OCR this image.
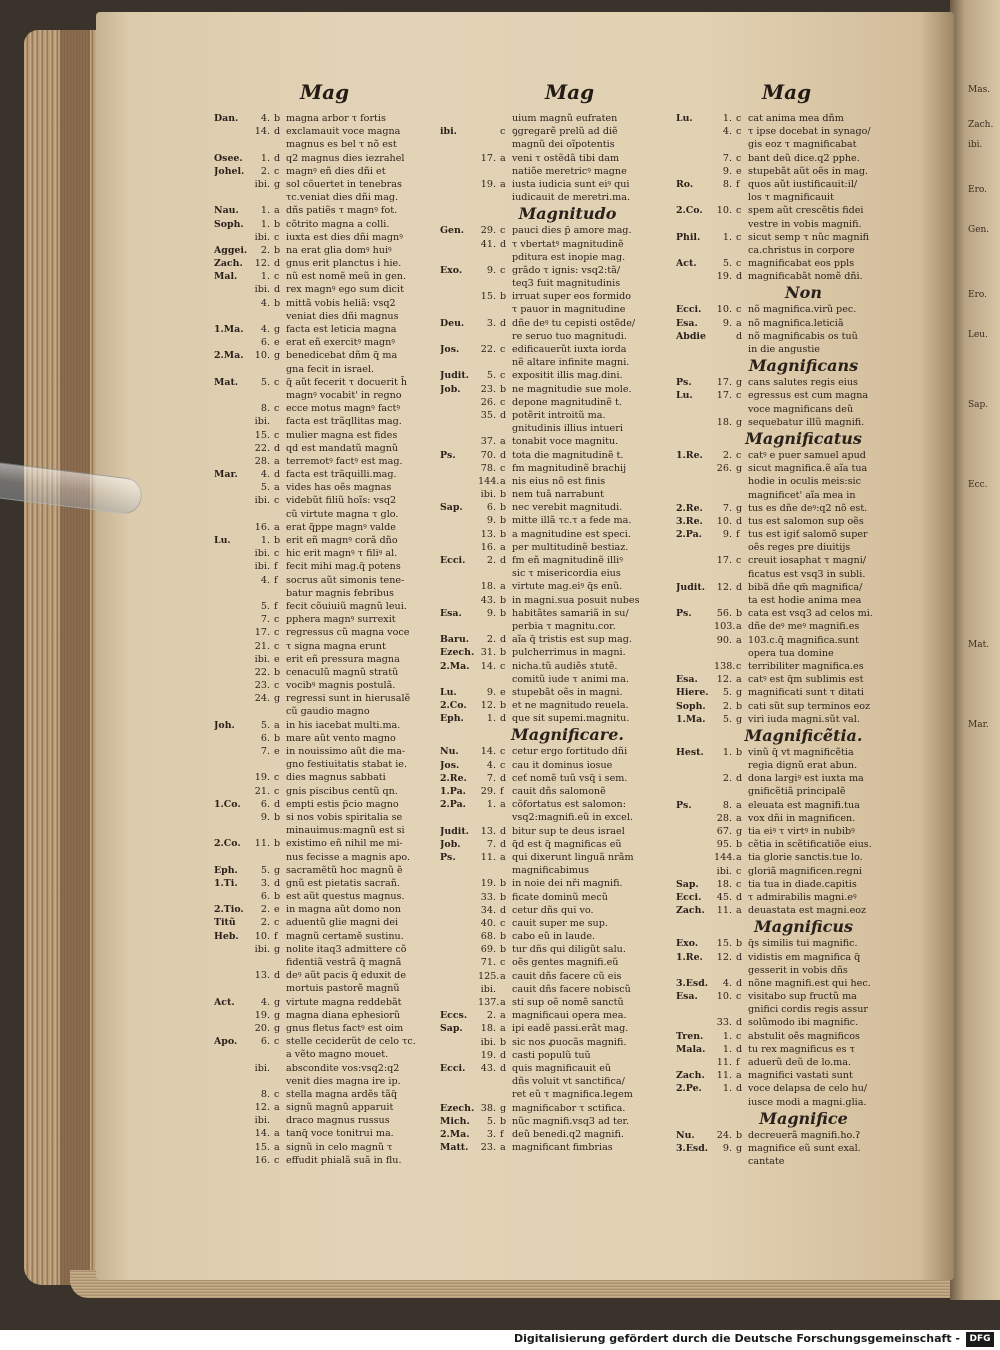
Mas.
Zach.
ibi.
Ero.
Gen.
Ero.
Leu.
Sap.
Ecc.
Mat.
Mar.
Mag	Mag	Mag
Dan. 4. b magna arbor τ fortis
14. d exclamauit voce magna
magnus es bel τ nõ est
Osee. 1. d q2 magnus dies iezrahel
Johel. 2. c magnꝰ eñ dies dñi et
ibi. g sol cõuertet in tenebras
τc.veniat dies dñi mag.
Nau. 1. a dñs patiẽs τ magnꝰ fot.
Soph. 1. b cõtrito magna a colli.
ibi. c iuxta est dies dñi magnꝰ
Aggei. 2. b na erat glia domꝰ huiꝰ
Zach. 12. d gnus erit planctus i hie.
Mal. 1. c nũ est nomẽ meũ in gen.
ibi. d rex magnꝰ ego sum dicit
4. b mittã vobis heliã: vsq2
veniat dies dñi magnus
1.Ma. 4. g facta est leticia magna
6. e erat eñ exercitꝰ magnꝰ
2.Ma. 10. g benedicebat dñm q̃ ma
gna fecit in israel.
Mat. 5. c q̃ aũt fecerit τ docuerit h̃
magnꝰ vocabit' in regno
8. c ecce motus magnꝰ factꝰ
ibi. facta est trãqllitas mag.
15. c mulier magna est fides
22. d qd est mandatũ magnũ
28. a terremotꝰ factꝰ est mag.
Mar. 4. d facta est trãquilli.mag.
5. a vides has oẽs magnas
ibi. c videbũt filiũ hoĩs: vsq2
cũ virtute magna τ glo.
16. a erat q̃ppe magnꝰ valde
Lu.	1. b erit eñ magnꝰ corã dño
ibi. c hic erit magnꝰ τ filiꝰ al.
ibi. f fecit mihi mag.q̃ potens
4. f socrus aũt simonis tene-
batur magnis febribus
5. f fecit cõuiuiũ magnũ leui.
7. c pphera magnꝰ surrexit
17. c regressus cũ magna voce
21. c τ signa magna erunt
ibi. e erit eñ pressura magna
22. b cenaculũ magnũ stratũ
23. c vocibꝰ magnis postulã.
24. g regressi sunt in hierusalẽ
cũ gaudio magno
Joh.	5. a in his iacebat multi.ma.
6. b mare aũt vento magno
7. e in nouissimo aũt die ma-
gno festiuitatis stabat ie.
19. c dies magnus sabbati
21. c gnis piscibus centũ qn.
1.Co. 6. d empti estis p̃cio magno
9. b si nos vobis spiritalia se
minauimus:magnũ est si
2.Co. 11. b existimo eñ nihil me mi-
nus fecisse a magnis apo.
Eph. 5. g sacramẽtũ hoc magnũ ẽ
1.Ti. 3. d gnũ est pietatis sacrañ.
6. b est aũt questus magnus.
2.Tio. 2. e in magna aũt domo non
Titũ	2. c aduentũ glie magni dei
Heb. 10. f magnũ certamẽ sustinu.
ibi. g nolite itaq3 admittere cõ
fidentiã vestrã q̃ magnã
13. d deꝰ aũt pacis q̃ eduxit de
mortuis pastorẽ magnũ
Act.	4. g virtute magna reddebãt
19. g magna diana ephesiorũ
20. g gnus fletus factꝰ est oim
Apo. 6. c stelle ceciderũt de celo τc.
a vẽto magno mouet.
ibi. abscondite vos:vsq2:q2
venit dies magna ire ip.
8. c stella magna ardẽs tãq̃
12. a signũ magnũ apparuit
ibi. draco magnus russus
14. a tanq̃ voce tonitrui ma.
15. a signũ in celo magnũ τ
16. c effudit phialã suã in flu.
uium magnũ eufraten
ibi.	c ꝯgregarẽ prelũ ad diẽ
magnũ dei oĩpotentis
17. a veni τ ostẽdã tibi dam
natiõe meretricꝰ magne
19. a iusta iudicia sunt eiꝰ qui
iudicauit de meretri.ma.
Magnitudo
Gen. 29. c pauci dies p̃ amore mag.
41. d τ vbertatꝰ magnitudinẽ
pditura est inopie mag.
Exo.	9. c grãdo τ ignis: vsq2:tã/
teq3 fuit magnitudinis
15. b irruat super eos formido
τ pauor in magnitudine
Deu. 3. d dñe deꝰ tu cepisti ostẽde/
re seruo tuo magnitudi.
Jos. 22. c edificauerũt iuxta iorda
nẽ altare infinite magni.
Judit. 5. c expositit illis mag.dini.
Job. 23. b ne magnitudie sue mole.
26. c depone magnitudinẽ t.
35. d potẽrit introitũ ma.
gnitudinis illius intueri
37. a tonabit voce magnitu.
Ps.	70. d tota die magnitudinẽ t.
78. c fm magnitudinẽ brachij
144.a nis eius nõ est finis
ibi. b nem tuã narrabunt
Sap.	6. b nec verebit magnitudi.
9. b mitte illã τc.τ a fede ma.
13. b a magnitudine est speci.
16. a per multitudinẽ bestiaz.
Ecci. 2. d fm eñ magnitudinẽ illiꝰ
sic τ misericordia eius
18. a virtute mag.eiꝰ q̃s enũ.
43. b in magni.sua posuit nubes
Esa.	9. b habitãtes samariã in su/
perbia τ magnitu.cor.
Baru. 2. d aĩa q̃ tristis est sup mag.
Ezech. 31. b pulcherrimus in magni.
2.Ma. 14. c nicha.tũ audiẽs ɤtutẽ.
comitũ iude τ animi ma.
Lu.	9. e stupebãt oẽs in magni.
2.Co. 12. b et ne magnitudo reuela.
Eph. 1. d que sit supemi.magnitu.
Magnificare.
Nu. 14. c cetur ergo fortitudo dñi
Jos.	4. c cau it dominus iosue
2.Re. 7. d ceť nomẽ tuũ vsq̃ i sem.
1.Pa. 29. f cauit dñs salomonẽ
2.Pa. 1. a cõfortatus est salomon:
vsq2:magnifi.eũ in excel.
Judit. 13. d bitur sup te deus israel
Job.	7. d q̃d est q̃ magnificas eũ
Ps.	11. a qui dixerunt linguã nrãm
magnificabimus
19. b in noie dei nři magnifi.
33. b ficate dominũ mecũ
34. d cetur dñs qui vo.
40. c cauit super me sup.
68. b cabo eũ in laude.
69. b tur dñs qui diligũt salu.
71. c oẽs gentes magnifi.eũ
125.a cauit dñs facere cũ eis
ibi. cauit dñs facere nobiscũ
137.a sti sup oẽ nomẽ sanctũ
Eccs. 2. a magnificaui opera mea.
Sap. 18. a ipi eadẽ passi.erãt mag.
ibi. b sic nos ꝓuocãs magnifi.
19. d casti populũ tuũ
Ecci. 43. d quis magnificauit eũ
dñs voluit vt sanctifica/
ret eũ τ magnifica.legem
Ezech. 38. g magnificabor τ sctifica.
Mich. 5. b nũc magnifi.vsq3 ad ter.
2.Ma. 3. f deũ benedi.q2 magnifi.
Matt. 23. a magnificant fimbrias
Lu.	1. c cat anima mea dñm
4. c τ ipse docebat in synago/
gis eoz τ magnificabat
7. c bant deũ dice.q2 pphe.
9. e stupebãt aũt oẽs in mag.
Ro.	8. f quos aũt iustificauit:il/
los τ magnificauit
2.Co. 10. c spem aũt crescẽtis fidei
vestre in vobis magnifi.
Phil. 1. c sicut semp τ nũc magnifi
ca.christus in corpore
Act.	5. c magnificabat eos ppls
19. d magnificabãt nomẽ dñi.
Non
Ecci. 10. c nõ magnifica.virũ pec.
Esa.	9. a nõ magnifica.leticiã
Abdie	d nõ magnificabis os tuũ
in die angustie
Magnificans
Ps.	17. g cans salutes regis eius
Lu.	17. c egressus est cum magna
voce magnificans deũ
18. g sequebatur illũ magnifi.
Magnificatus
1.Re. 2. c catꝰ e puer samuel apud
26. g sicut magnifica.ẽ aĩa tua
hodie in oculis meis:sic
magnificet' aĩa mea in
2.Re. 7. g tus es dñe deꝰ:q2 nõ est.
3.Re. 10. d tus est salomon sup oẽs
2.Pa. 9. f tus est igiť salomõ super
oẽs reges pre diuitijs
17. c creuit iosaphat τ magni/
ficatus est vsq3 in subli.
Judit. 12. d bibã dñe qm̃ magnifica/
ta est hodie anima mea
Ps.	56. b cata est vsq3 ad celos mi.
103.a dñe deꝰ meꝰ magnifi.es
90. a 103.c.q̃ magnifica.sunt
opera tua domine
138.c terribiliter magnifica.es
Esa. 12. a catꝰ est q̃m sublimis est
Hiere. 5. g magnificati sunt τ ditati
Soph. 2. b cati sũt sup terminos eoz
1.Ma. 5. g viri iuda magni.sũt val.
Magnificẽtia.
Hest. 1. b vinũ q̃ vt magnificẽtia
regia dignũ erat abun.
2. d dona largiꝰ est iuxta ma
gnificẽtiã principalẽ
Ps.	8. a eleuata est magnifi.tua
28. a vox dñi in magnificen.
67. g tia eiꝰ τ virtꝰ in nubibꝰ
95. b cẽtia in scẽtificatiõe eius.
144.a tia glorie sanctis.tue lo.
ibi. c gloriã magnificen.regni
Sap. 18. c tia tua in diade.capitis
Ecci. 45. d τ admirabilis magni.eꝰ
Zach. 11. a deuastata est magni.eoz
Magnificus
Exo. 15. b q̃s similis tui magnific.
1.Re. 12. d vidistis em magnifica q̃
gesserit in vobis dñs
3.Esd. 4. d nõne magnifi.est qui hec.
Esa. 10. c visitabo sup fructũ ma
gnifici cordis regis assur
33. d solũmodo ibi magnific.
Tren. 1. c abstulit oẽs magnificos
Mala. 1. d tu rex magnificus es τ
11. f aduerũ deũ de lo.ma.
Zach. 11. a magnifici vastati sunt
2.Pe. 1. d voce delapsa de celo hu/
iusce modi a magni.glia.
Magnifice
Nu. 24. b decreuerã magnifi.ho.ʔ
3.Esd. 9. g magnifice eũ sunt exal.
cantate
Digitalisierung gefördert durch die Deutsche Forschungsgemeinschaft -	DFG
